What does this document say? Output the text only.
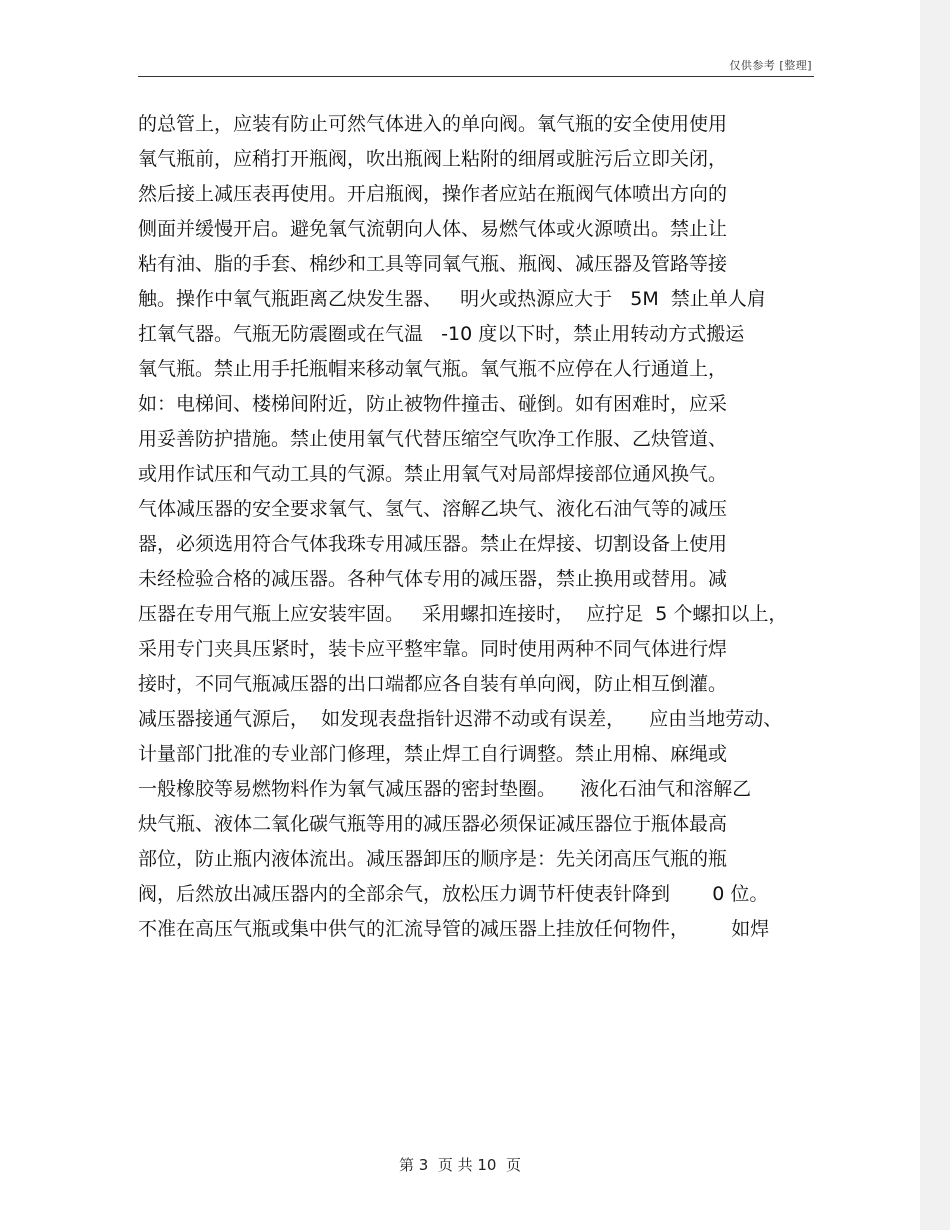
仅供参考 [整理]
的总管上，应装有防止可然气体进入的单向阀。氧气瓶的安全使用使用
氧气瓶前，应稍打开瓶阀，吹出瓶阀上粘附的细屑或脏污后立即关闭，
然后接上减压表再使用。开启瓶阀，操作者应站在瓶阀气体喷出方向的
侧面并缓慢开启。避免氧气流朝向人体、易燃气体或火源喷出。禁止让
粘有油、脂的手套、棉纱和工具等同氧气瓶、瓶阀、减压器及管路等接
触。操作中氧气瓶距离乙炔发生器、   明火或热源应大于   5M  禁止单人肩
扛氧气器。气瓶无防震圈或在气温   -10 度以下时，禁止用转动方式搬运
氧气瓶。禁止用手托瓶帽来移动氧气瓶。氧气瓶不应停在人行通道上，
如：电梯间、楼梯间附近，防止被物件撞击、碰倒。如有困难时，应采
用妥善防护措施。禁止使用氧气代替压缩空气吹净工作服、乙炔管道、
或用作试压和气动工具的气源。禁止用氧气对局部焊接部位通风换气。
气体减压器的安全要求氧气、氢气、溶解乙块气、液化石油气等的减压
器，必须选用符合气体我珠专用减压器。禁止在焊接、切割设备上使用
未经检验合格的减压器。各种气体专用的减压器，禁止换用或替用。减
压器在专用气瓶上应安装牢固。   采用螺扣连接时，  应拧足  5 个螺扣以上，
采用专门夹具压紧时，装卡应平整牢靠。同时使用两种不同气体进行焊
接时，不同气瓶减压器的出口端都应各自装有单向阀，防止相互倒灌。
减压器接通气源后，  如发现表盘指针迟滞不动或有误差，    应由当地劳动、
计量部门批准的专业部门修理，禁止焊工自行调整。禁止用棉、麻绳或
一般橡胶等易燃物料作为氧气减压器的密封垫圈。    液化石油气和溶解乙
炔气瓶、液体二氧化碳气瓶等用的减压器必须保证减压器位于瓶体最高
部位，防止瓶内液体流出。减压器卸压的顺序是：先关闭高压气瓶的瓶
阀，后然放出减压器内的全部余气，放松压力调节杆使表针降到       0 位。
不准在高压气瓶或集中供气的汇流导管的减压器上挂放任何物件，       如焊
第 3  页 共 10  页
